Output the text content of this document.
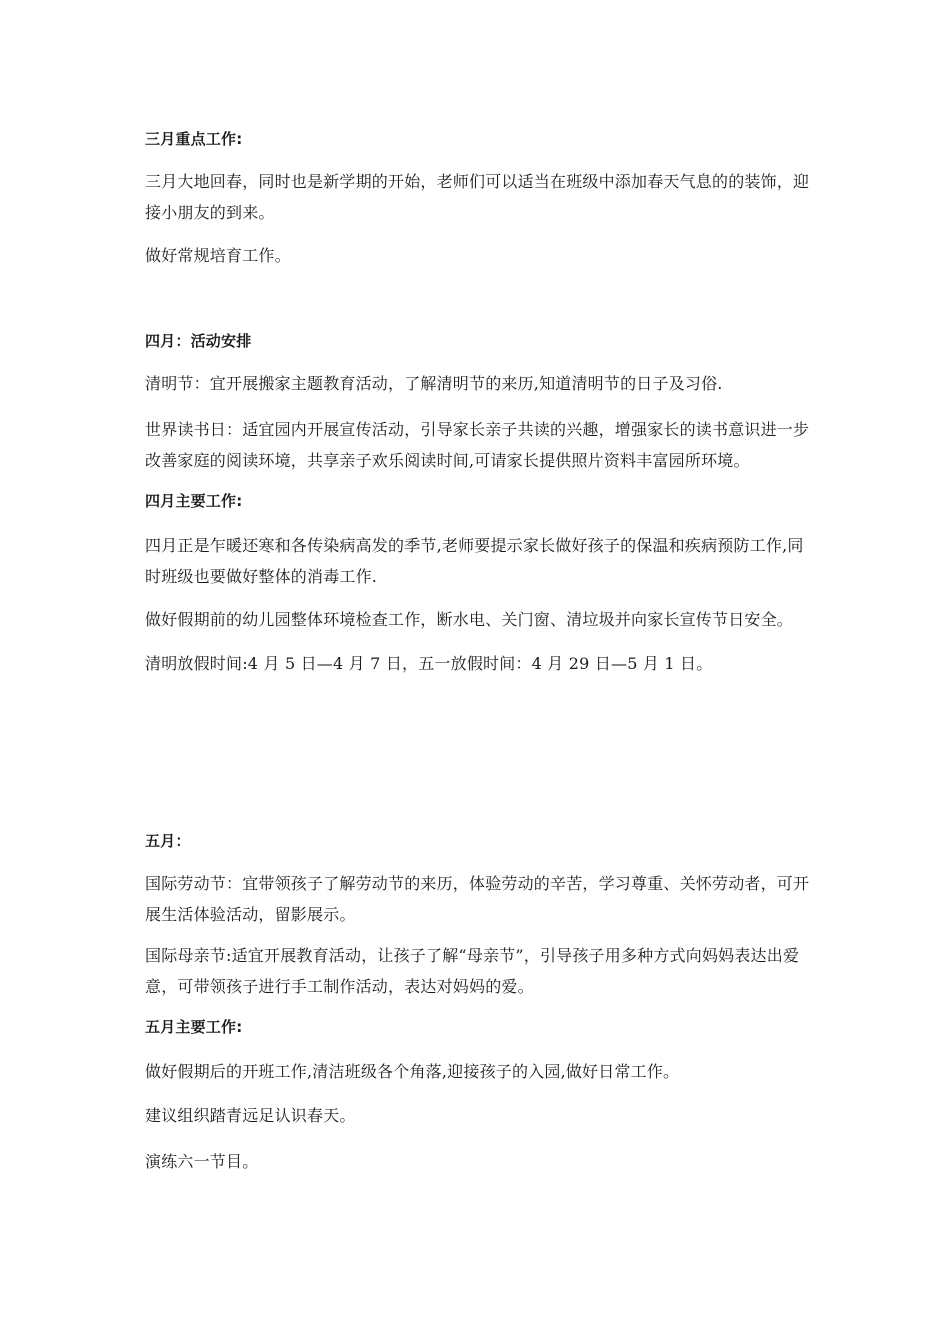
三月重点工作:

三月大地回春，同时也是新学期的开始，老师们可以适当在班级中添加春天气息的的装饰，迎接小朋友的到来。

做好常规培育工作。

四月：活动安排

清明节：宜开展搬家主题教育活动，了解清明节的来历,知道清明节的日子及习俗.

世界读书日：适宜园内开展宣传活动，引导家长亲子共读的兴趣，增强家长的读书意识进一步改善家庭的阅读环境，共享亲子欢乐阅读时间,可请家长提供照片资料丰富园所环境。

四月主要工作:

四月正是乍暖还寒和各传染病高发的季节,老师要提示家长做好孩子的保温和疾病预防工作,同时班级也要做好整体的消毒工作.

做好假期前的幼儿园整体环境检查工作，断水电、关门窗、清垃圾并向家长宣传节日安全。

清明放假时间:4 月 5 日—4 月 7 日，五一放假时间：4 月 29 日—5 月 1 日。

五月：

国际劳动节：宜带领孩子了解劳动节的来历，体验劳动的辛苦，学习尊重、关怀劳动者，可开展生活体验活动，留影展示。

国际母亲节:适宜开展教育活动，让孩子了解“母亲节”，引导孩子用多种方式向妈妈表达出爱意，可带领孩子进行手工制作活动，表达对妈妈的爱。

五月主要工作:

做好假期后的开班工作,清洁班级各个角落,迎接孩子的入园,做好日常工作。

建议组织踏青远足认识春天。

演练六一节目。
